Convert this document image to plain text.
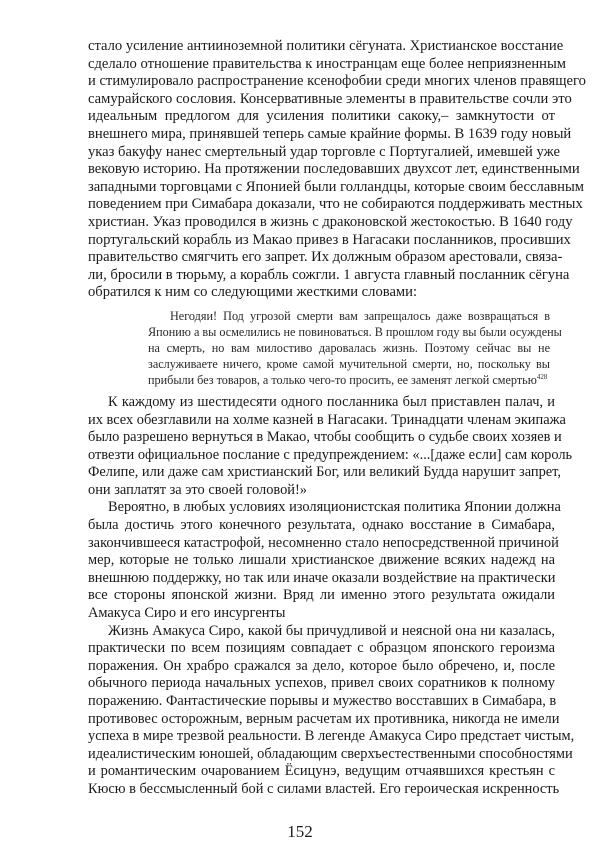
стало усиление антииноземной политики сёгуната. Христианское восстание
сделало отношение правительства к иностранцам еще более неприязненным
и стимулировало распространение ксенофобии среди многих членов правящего
самурайского сословия. Консервативные элементы в правительстве сочли это
идеальным предлогом для усиления политики сакоку,– замкнутости от
внешнего мира, принявшей теперь самые крайние формы. В 1639 году новый
указ бакуфу нанес смертельный удар торговле с Португалией, имевшей уже
вековую историю. На протяжении последовавших двухсот лет, единственными
западными торговцами с Японией были голландцы, которые своим бесславным
поведением при Симабара доказали, что не собираются поддерживать местных
христиан. Указ проводился в жизнь с драконовской жестокостью. В 1640 году
португальский корабль из Макао привез в Нагасаки посланников, просивших
правительство смягчить его запрет. Их должным образом арестовали, связа-
ли, бросили в тюрьму, а корабль сожгли. 1 августа главный посланник сёгуна
обратился к ним со следующими жесткими словами:
Негодяи! Под угрозой смерти вам запрещалось даже возвращаться в
Японию а вы осмелились не повиноваться. В прошлом году вы были осуждены
на смерть, но вам милостиво даровалась жизнь. Поэтому сейчас вы не
заслуживаете ничего, кроме самой мучительной смерти, но, поскольку вы
прибыли без товаров, а только чего-то просить, ее заменят легкой смертью$^{428}$
К каждому из шестидесяти одного посланника был приставлен палач, и
их всех обезглавили на холме казней в Нагасаки. Тринадцати членам экипажа
было разрешено вернуться в Макао, чтобы сообщить о судьбе своих хозяев и
отвезти официальное послание с предупреждением: «...[даже если] сам король
Фелипе, или даже сам христианский Бог, или великий Будда нарушит запрет,
они заплатят за это своей головой!»
Вероятно, в любых условиях изоляционистская политика Японии должна
была достичь этого конечного результата, однако восстание в Симабара,
закончившееся катастрофой, несомненно стало непосредственной причиной
мер, которые не только лишали христианское движение всяких надежд на
внешнюю поддержку, но так или иначе оказали воздействие на практически
все стороны японской жизни. Вряд ли именно этого результата ожидали
Амакуса Сиро и его инсургенты
Жизнь Амакуса Сиро, какой бы причудливой и неясной она ни казалась,
практически по всем позициям совпадает с образцом японского героизма
поражения. Он храбро сражался за дело, которое было обречено, и, после
обычного периода начальных успехов, привел своих соратников к полному
поражению. Фантастические порывы и мужество восставших в Симабара, в
противовес осторожным, верным расчетам их противника, никогда не имели
успеха в мире трезвой реальности. В легенде Амакуса Сиро предстает чистым,
идеалистическим юношей, обладающим сверхъестественными способностями
и романтическим очарованием Ёсицунэ, ведущим отчаявшихся крестьян с
Кюсю в бессмысленный бой с силами властей. Его героическая искренность
152
